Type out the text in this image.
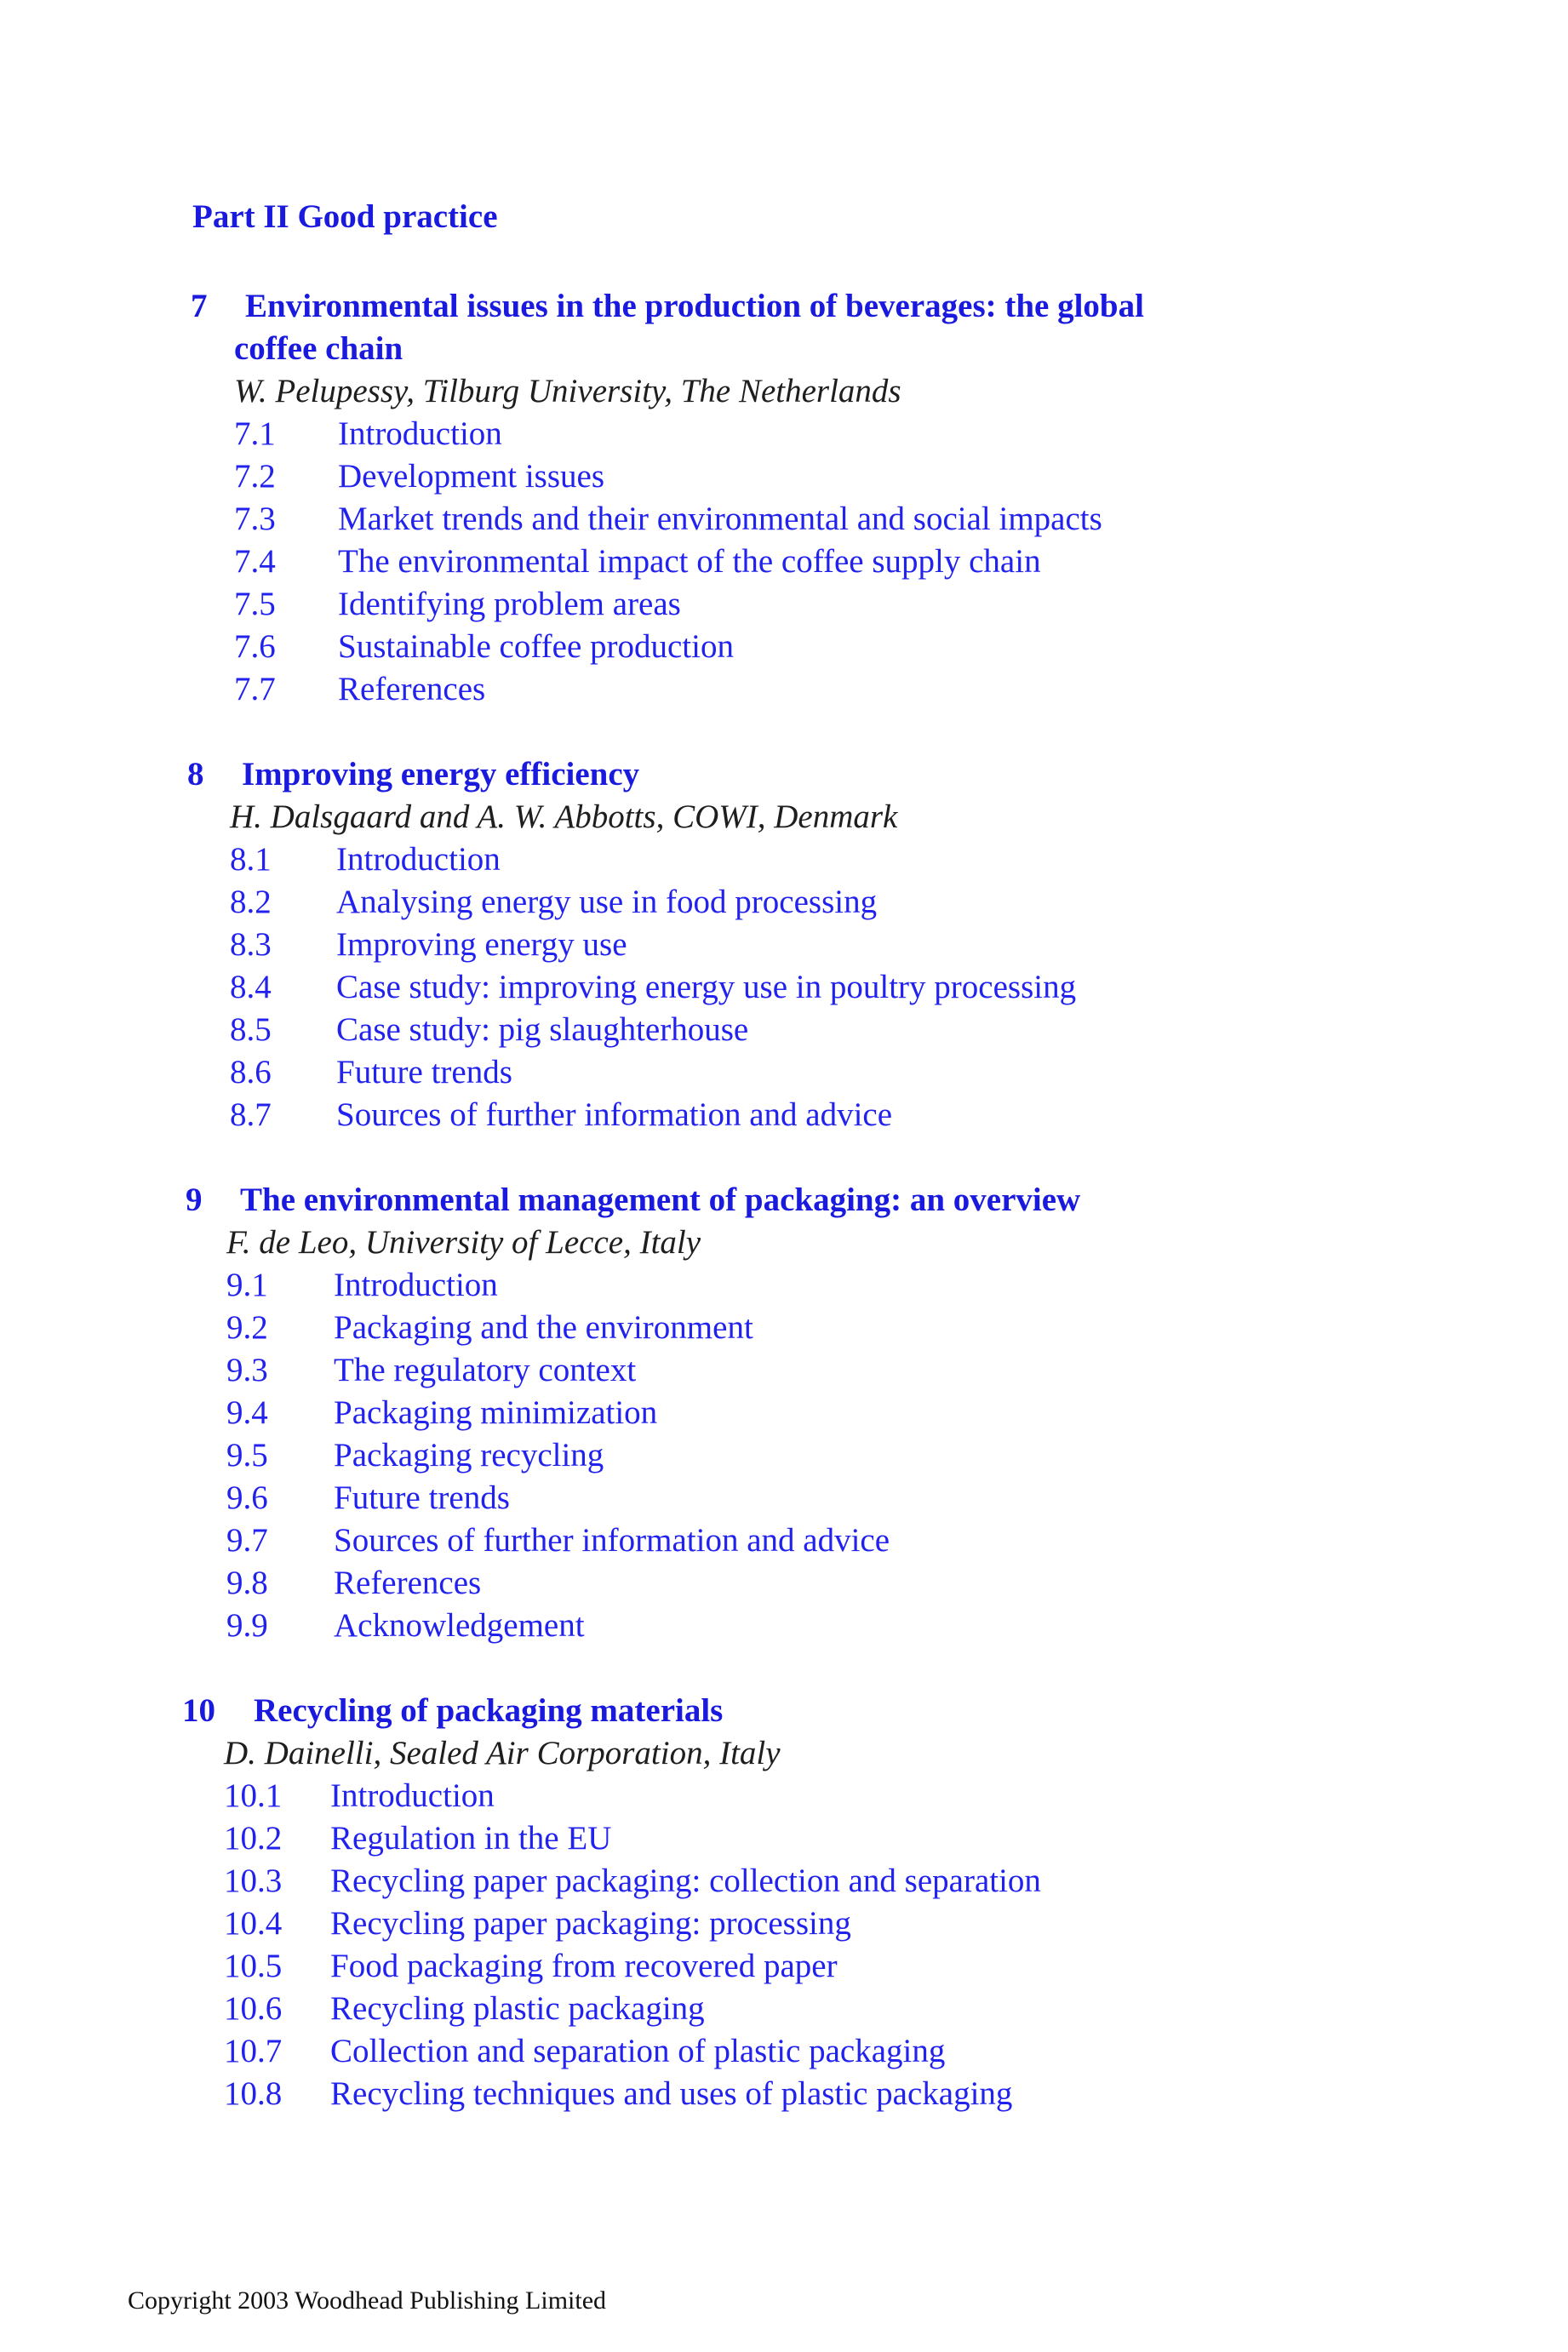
Part II Good practice
7 Environmental issues in the production of beverages: the global
coffee chain

W. Pelupessy, Tilburg University, The Netherlands

7.1 Introduction
7.2 Development issues
7.3 Market trends and their environmental and social impacts
7.4 The environmental impact of the coffee supply chain
7.5 Identifying problem areas
7.6 Sustainable coffee production
7.7 References
8 Improving energy efficiency

H. Dalsgaard and A. W. Abbotts, COWI, Denmark

8.1 Introduction
8.2 Analysing energy use in food processing
8.3 Improving energy use
8.4 Case study: improving energy use in poultry processing
8.5 Case study: pig slaughterhouse
8.6 Future trends
8.7 Sources of further information and advice
9 The environmental management of packaging: an overview

F. de Leo, University of Lecce, Italy

9.1 Introduction
9.2 Packaging and the environment
9.3 The regulatory context
9.4 Packaging minimization
9.5 Packaging recycling
9.6 Future trends
9.7 Sources of further information and advice
9.8 References
9.9 Acknowledgement
10 Recycling of packaging materials

D. Dainelli, Sealed Air Corporation, Italy

10.1 Introduction
10.2 Regulation in the EU
10.3 Recycling paper packaging: collection and separation
10.4 Recycling paper packaging: processing
10.5 Food packaging from recovered paper
10.6 Recycling plastic packaging
10.7 Collection and separation of plastic packaging
10.8 Recycling techniques and uses of plastic packaging

Copyright 2003 Woodhead Publishing Limited
